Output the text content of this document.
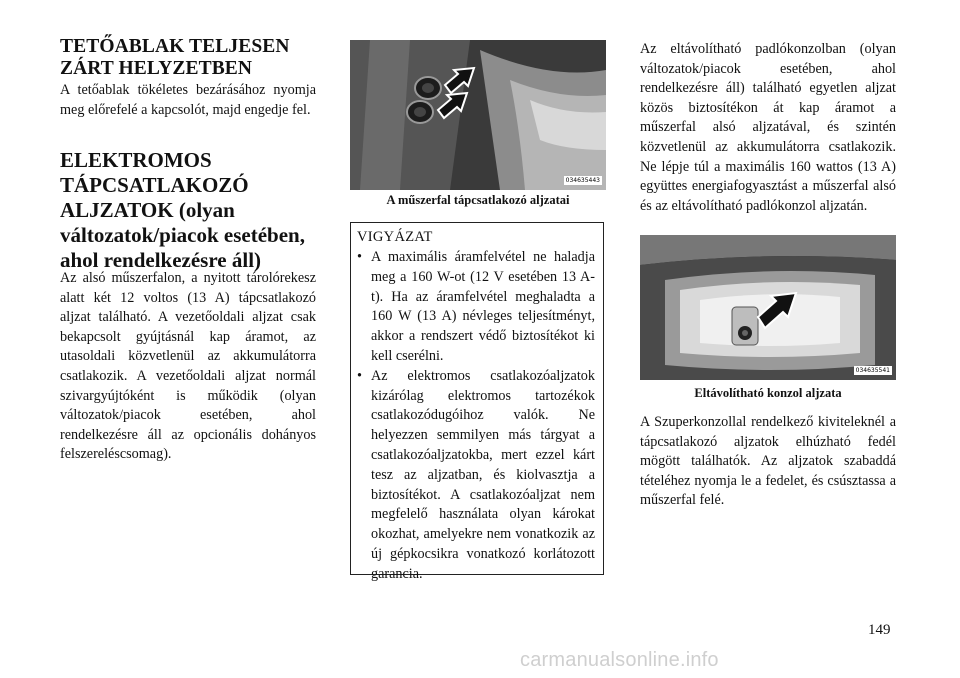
TETŐABLAK TELJESEN ZÁRT HELYZETBEN

A tetőablak tökéletes bezárásához nyomja meg előrefelé a kapcsolót, majd engedje fel.

ELEKTROMOS TÁPCSATLAKOZÓ ALJZATOK (olyan változatok/piacok esetében, ahol rendelkezésre áll)

Az alsó műszerfalon, a nyitott tárolórekesz alatt két 12 voltos (13 A) tápcsatlakozó aljzat található. A vezetőoldali aljzat csak bekapcsolt gyújtásnál kap áramot, az utasoldali közvetlenül az akkumulátorra csatlakozik. A vezetőoldali aljzat normál szivargyújtóként is működik (olyan változatok/piacok esetében, ahol rendelkezésre áll az opcionális dohányos felszereléscsomag).

034635443
A műszerfal tápcsatlakozó aljzatai
VIGYÁZAT
• A maximális áramfelvétel ne haladja meg a 160 W-ot (12 V esetében 13 A-t). Ha az áramfelvétel meghaladta a 160 W (13 A) névleges teljesítményt, akkor a rendszert védő biztosítékot ki kell cserélni.
• Az elektromos csatlakozóaljzatok kizárólag elektromos tartozékok csatlakozódugóihoz valók. Ne helyezzen semmilyen más tárgyat a csatlakozóaljzatokba, mert ezzel kárt tesz az aljzatban, és kiolvasztja a biztosítékot. A csatlakozóaljzat nem megfelelő használata olyan károkat okozhat, amelyekre nem vonatkozik az új gépkocsikra vonatkozó korlátozott garancia.

Az eltávolítható padlókonzolban (olyan változatok/piacok esetében, ahol rendelkezésre áll) található egyetlen aljzat közös biztosítékon át kap áramot a műszerfal alsó aljzatával, és szintén közvetlenül az akkumulátorra csatlakozik. Ne lépje túl a maximális 160 wattos (13 A) együttes energiafogyasztást a műszerfal alsó és az eltávolítható padlókonzol aljzatán.

034635541
Eltávolítható konzol aljzata

A Szuperkonzollal rendelkező kiviteleknél a tápcsatlakozó aljzatok elhúzható fedél mögött találhatók. Az aljzatok szabaddá tételéhez nyomja le a fedelet, és csúsztassa a műszerfal felé.

149
carmanualsonline.info
